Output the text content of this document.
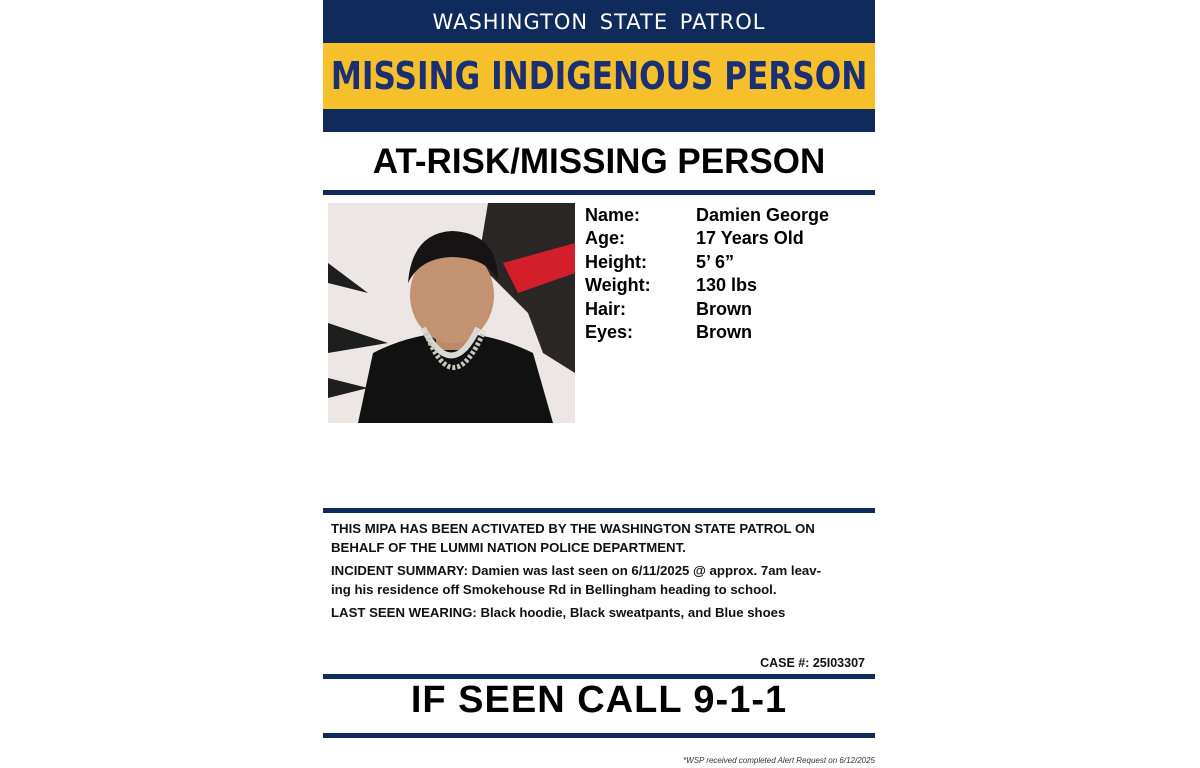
WASHINGTON STATE PATROL
MISSING INDIGENOUS PERSON
AT-RISK/MISSING PERSON
Name:	Damien George
Age:	17 Years Old
Height:	5’ 6”
Weight:	130 lbs
Hair:	Brown
Eyes:	Brown

THIS MIPA HAS BEEN ACTIVATED BY THE WASHINGTON STATE PATROL ON BEHALF OF THE LUMMI NATION POLICE DEPARTMENT.

INCIDENT SUMMARY: Damien was last seen on 6/11/2025 @ approx. 7am leav-
ing his residence off Smokehouse Rd in Bellingham heading to school.

LAST SEEN WEARING: Black hoodie, Black sweatpants, and Blue shoes

CASE #: 25I03307
IF SEEN CALL 9-1-1
*WSP received completed Alert Request on 6/12/2025
